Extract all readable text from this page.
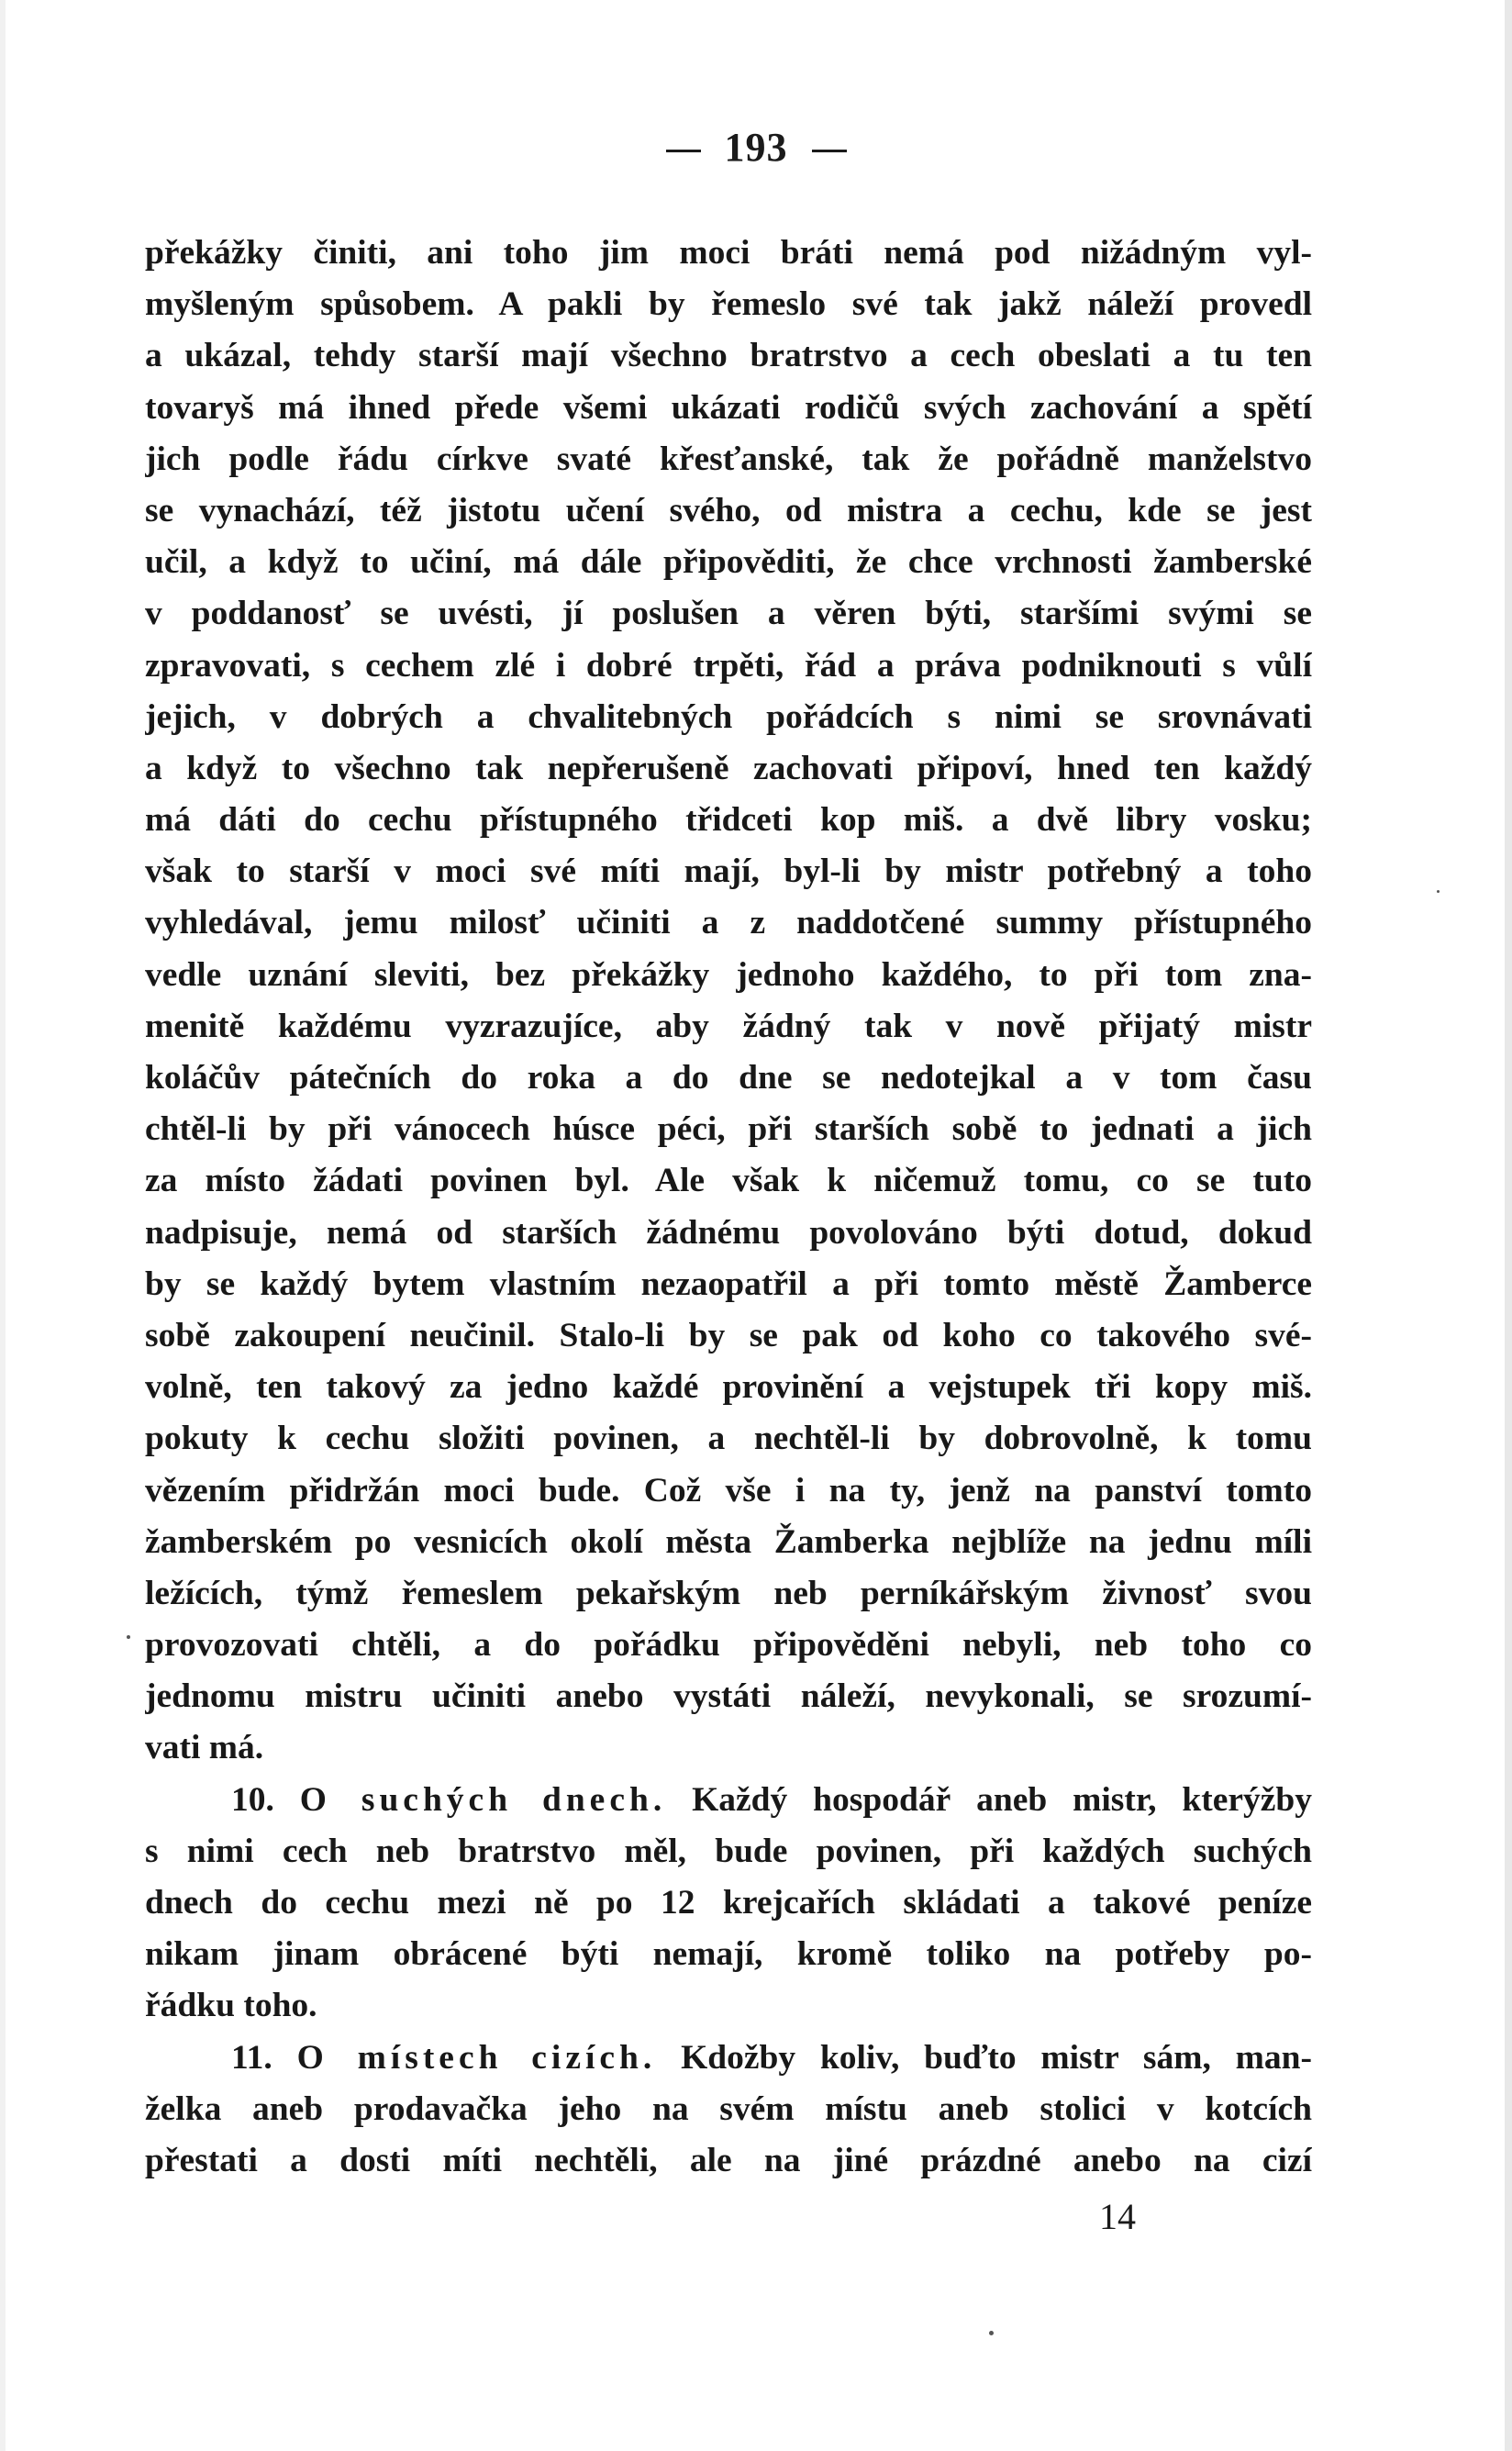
193
překážky činiti, ani toho jim moci bráti nemá pod nižádným vyl-
myšleným spůsobem. A pakli by řemeslo své tak jakž náleží provedl
a ukázal, tehdy starší mají všechno bratrstvo a cech obeslati a tu ten
tovaryš má ihned přede všemi ukázati rodičů svých zachování a spětí
jich podle řádu církve svaté křesťanské, tak že pořádně manželstvo
se vynachází, též jistotu učení svého, od mistra a cechu, kde se jest
učil, a když to učiní, má dále připověditi, že chce vrchnosti žamberské
v poddanosť se uvésti, jí poslušen a věren býti, staršími svými se
zpravovati, s cechem zlé i dobré trpěti, řád a práva podniknouti s vůlí
jejich, v dobrých a chvalitebných pořádcích s nimi se srovnávati
a když to všechno tak nepřerušeně zachovati připoví, hned ten každý
má dáti do cechu přístupného třidceti kop miš. a dvě libry vosku;
však to starší v moci své míti mají, byl-li by mistr potřebný a toho
vyhledával, jemu milosť učiniti a z naddotčené summy přístupného
vedle uznání sleviti, bez překážky jednoho každého, to při tom zna-
menitě každému vyzrazujíce, aby žádný tak v nově přijatý mistr
koláčův pátečních do roka a do dne se nedotejkal a v tom času
chtěl-li by při vánocech húsce péci, při starších sobě to jednati a jich
za místo žádati povinen byl. Ale však k ničemuž tomu, co se tuto
nadpisuje, nemá od starších žádnému povolováno býti dotud, dokud
by se každý bytem vlastním nezaopatřil a při tomto městě Žamberce
sobě zakoupení neučinil. Stalo-li by se pak od koho co takového své-
volně, ten takový za jedno každé provinění a vejstupek tři kopy miš.
pokuty k cechu složiti povinen, a nechtěl-li by dobrovolně, k tomu
vězením přidržán moci bude. Což vše i na ty, jenž na panství tomto
žamberském po vesnicích okolí města Žamberka nejblíže na jednu míli
ležících, týmž řemeslem pekařským neb perníkářským živnosť svou
provozovati chtěli, a do pořádku připověděni nebyli, neb toho co
jednomu mistru učiniti anebo vystáti náleží, nevykonali, se srozumí-
vati má.
10. O suchých dnech. Každý hospodář aneb mistr, kterýžby
s nimi cech neb bratrstvo měl, bude povinen, při každých suchých
dnech do cechu mezi ně po 12 krejcařích skládati a takové peníze
nikam jinam obrácené býti nemají, kromě toliko na potřeby po-
řádku toho.
11. O místech cizích. Kdožby koliv, buďto mistr sám, man-
želka aneb prodavačka jeho na svém místu aneb stolici v kotcích
přestati a dosti míti nechtěli, ale na jiné prázdné anebo na cizí
14
